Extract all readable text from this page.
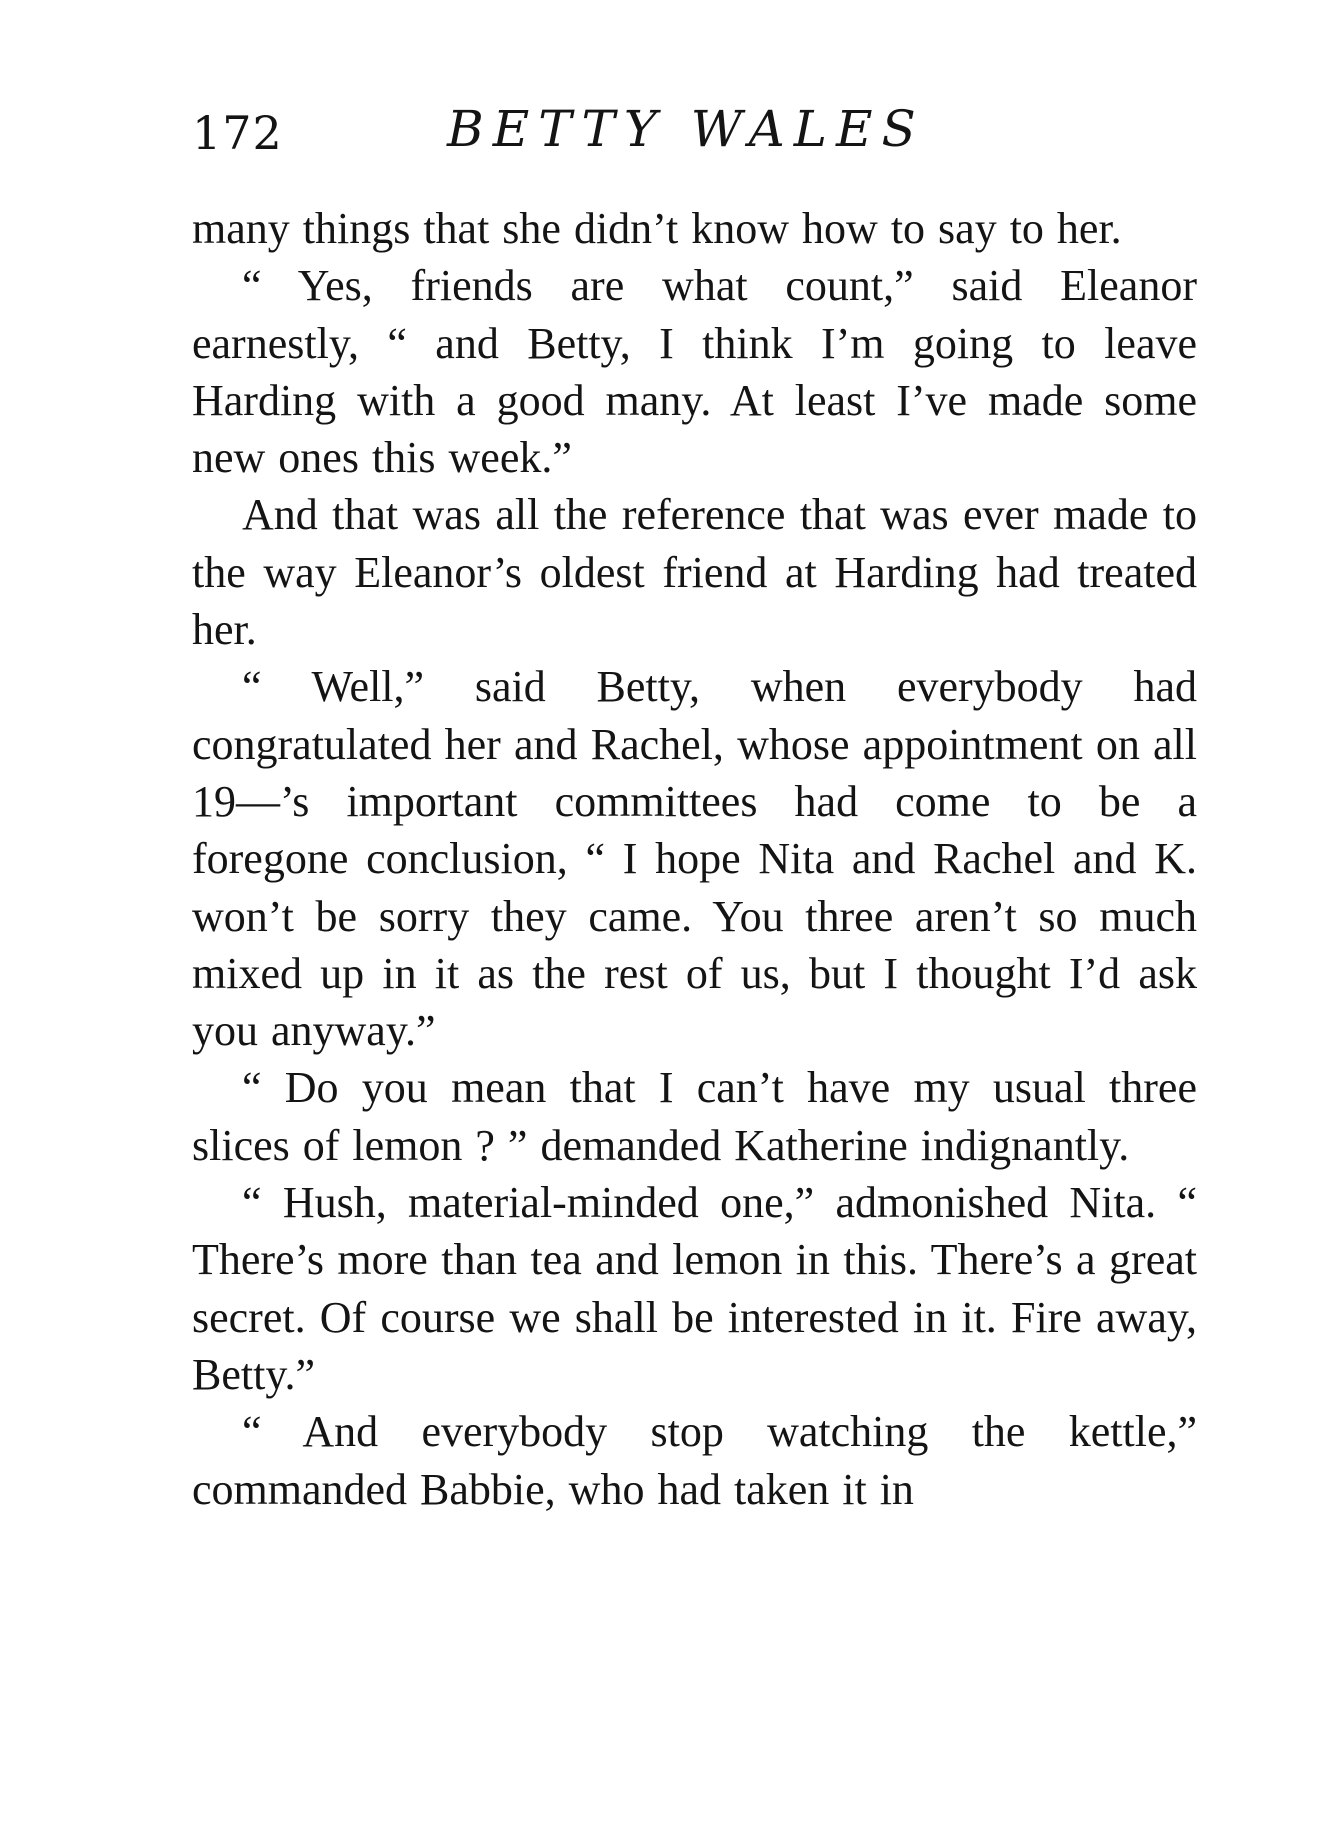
172	BETTY WALES

many things that she didn’t know how to say to her.

“ Yes, friends are what count,” said Eleanor earnestly, “ and Betty, I think I’m going to leave Harding with a good many. At least I’ve made some new ones this week.”

And that was all the reference that was ever made to the way Eleanor’s oldest friend at Harding had treated her.

“ Well,” said Betty, when everybody had congratulated her and Rachel, whose appointment on all 19—’s important committees had come to be a foregone conclusion, “ I hope Nita and Rachel and K. won’t be sorry they came. You three aren’t so much mixed up in it as the rest of us, but I thought I’d ask you anyway.”

“ Do you mean that I can’t have my usual three slices of lemon ? ” demanded Katherine indignantly.

“ Hush, material-minded one,” admonished Nita. “ There’s more than tea and lemon in this. There’s a great secret. Of course we shall be interested in it. Fire away, Betty.”

“ And everybody stop watching the kettle,” commanded Babbie, who had taken it in
